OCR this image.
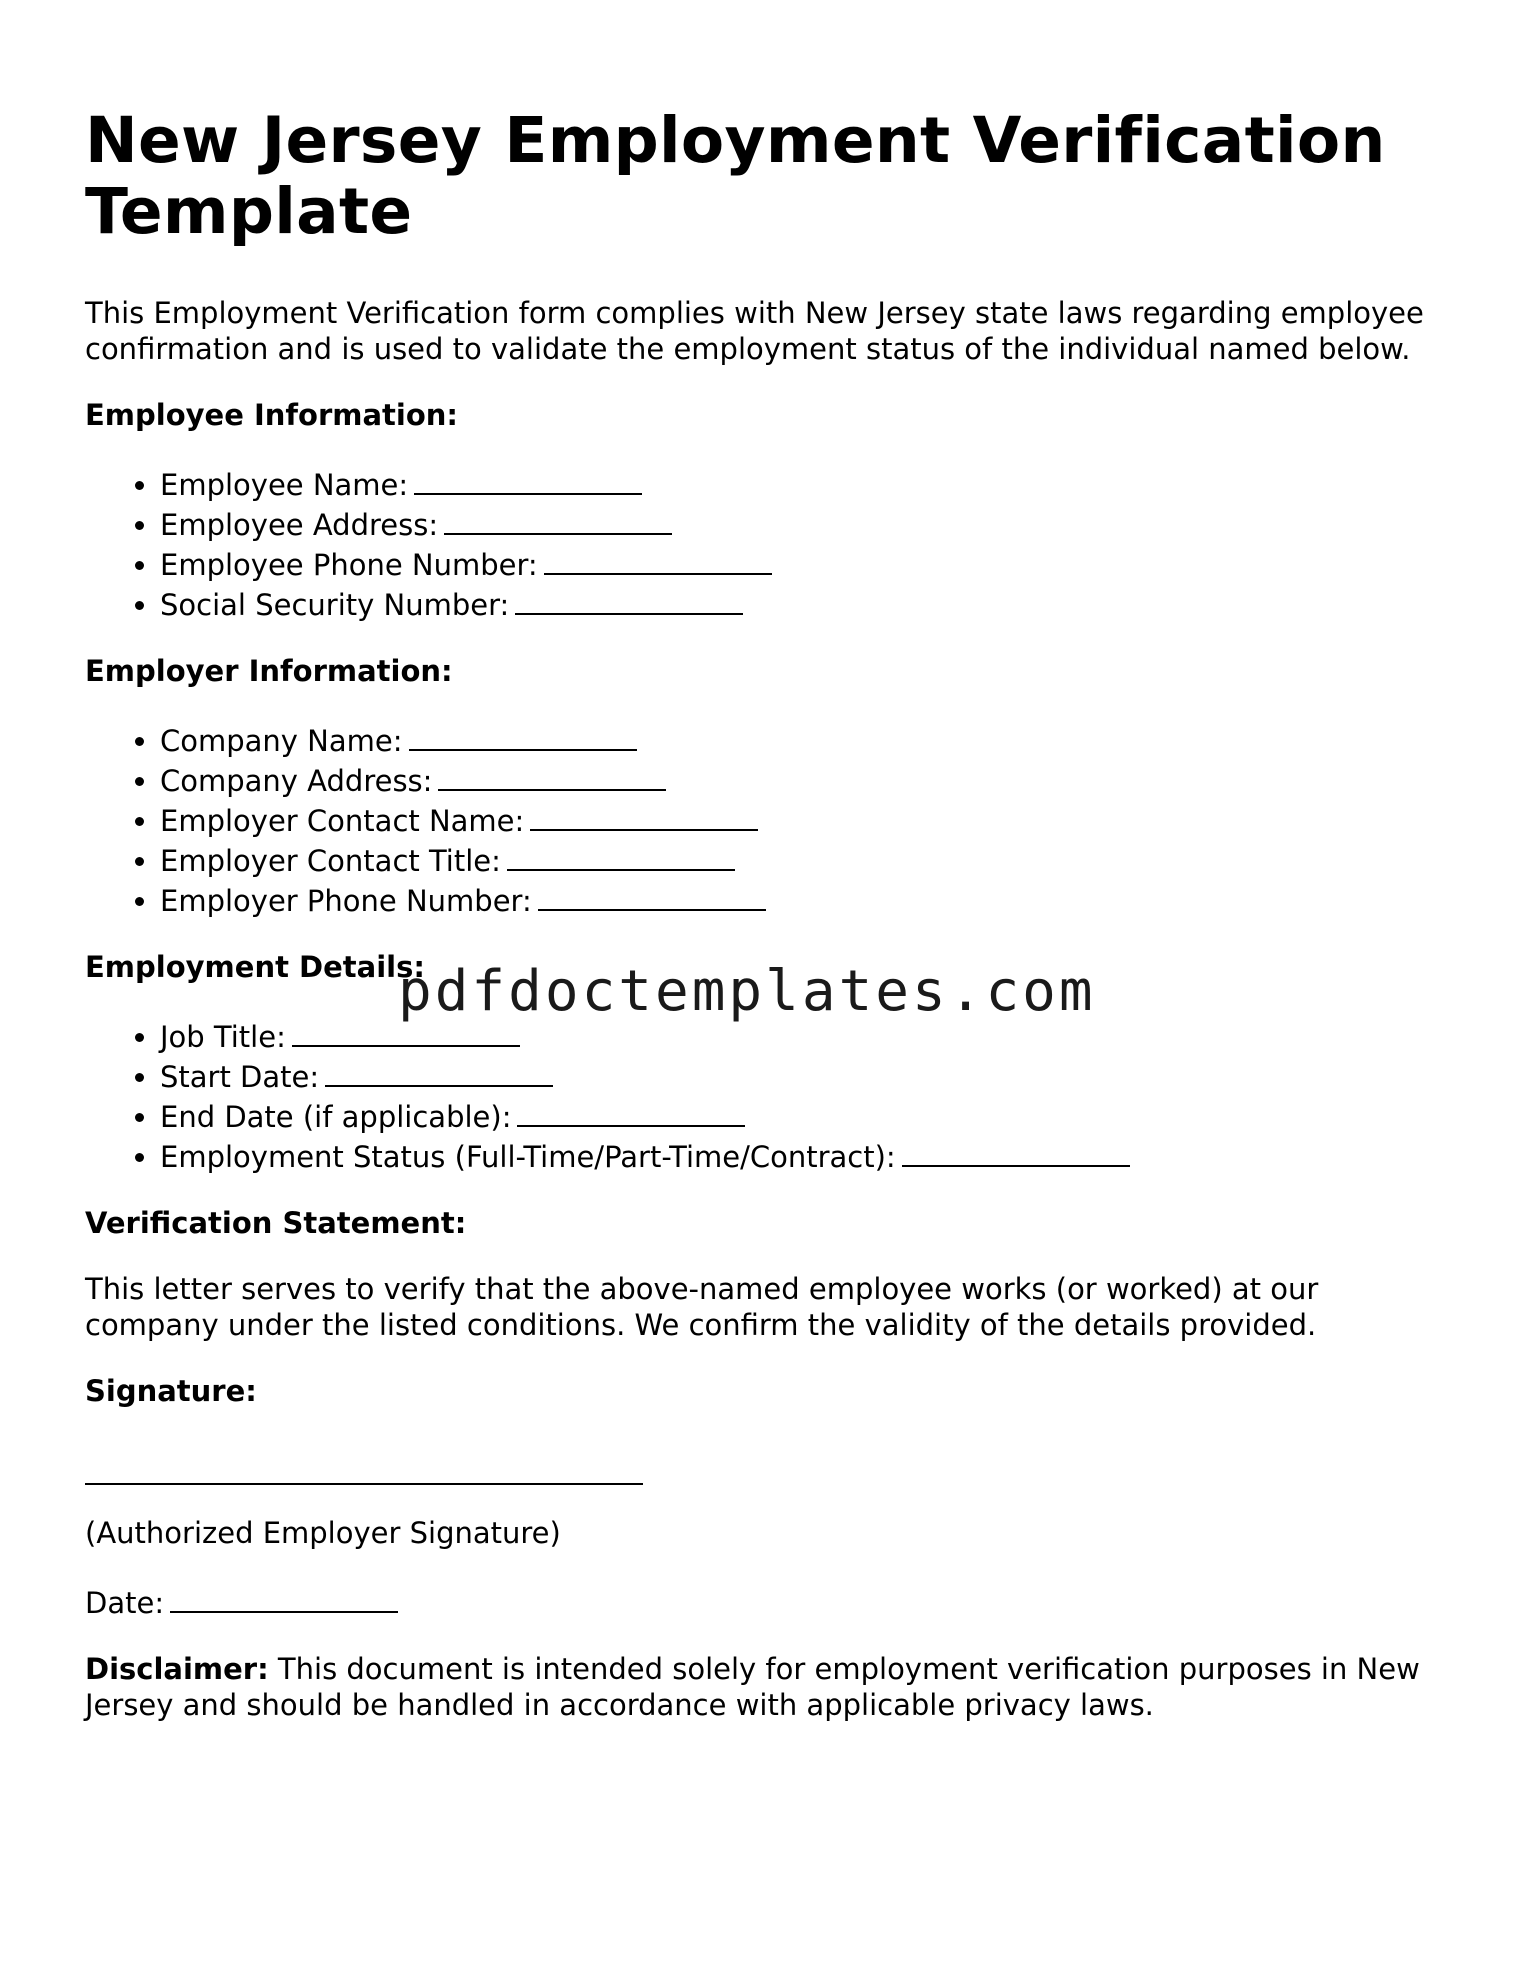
New Jersey Employment Verification Template

This Employment Verification form complies with New Jersey state laws regarding employee confirmation and is used to validate the employment status of the individual named below.

Employee Information:

• Employee Name:
• Employee Address:
• Employee Phone Number:
• Social Security Number:

Employer Information:

• Company Name:
• Company Address:
• Employer Contact Name:
• Employer Contact Title:
• Employer Phone Number:

Employment Details:

• Job Title:
• Start Date:
• End Date (if applicable):
• Employment Status (Full-Time/Part-Time/Contract):

Verification Statement:

This letter serves to verify that the above-named employee works (or worked) at our company under the listed conditions. We confirm the validity of the details provided.

Signature:

(Authorized Employer Signature)

Date:

Disclaimer: This document is intended solely for employment verification purposes in New Jersey and should be handled in accordance with applicable privacy laws.

pdfdoctemplates.com
